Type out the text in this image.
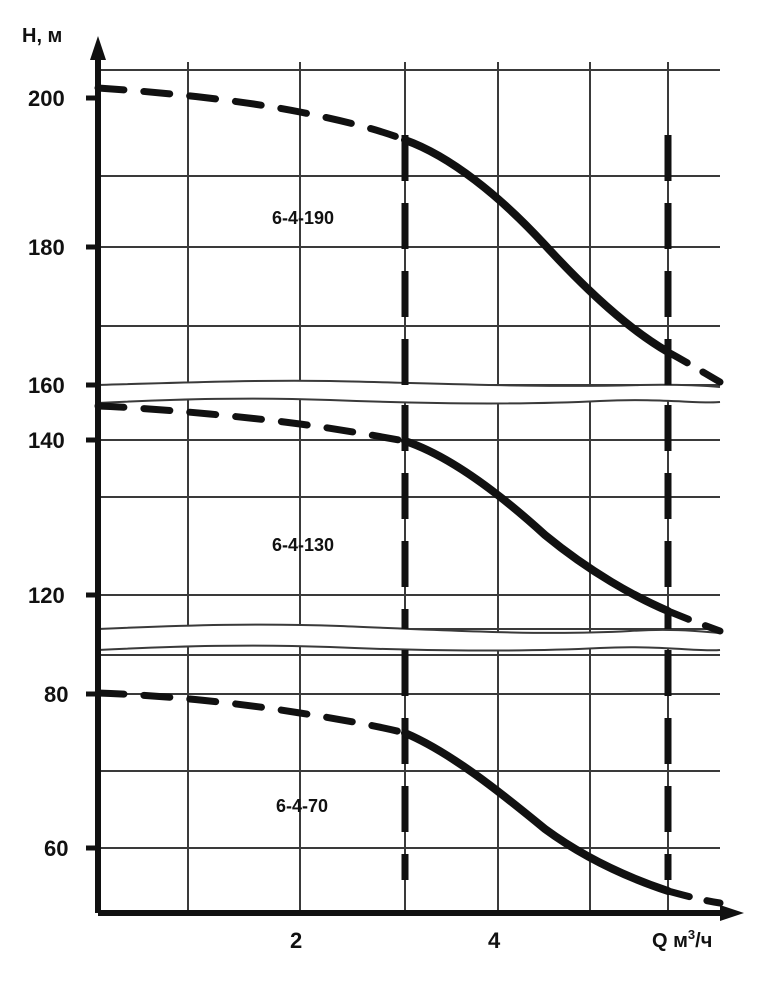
H, м
Q $м^3/ч$
200
180
160
140
120
80
60
2	4
6-4-190
6-4-130
6-4-70
